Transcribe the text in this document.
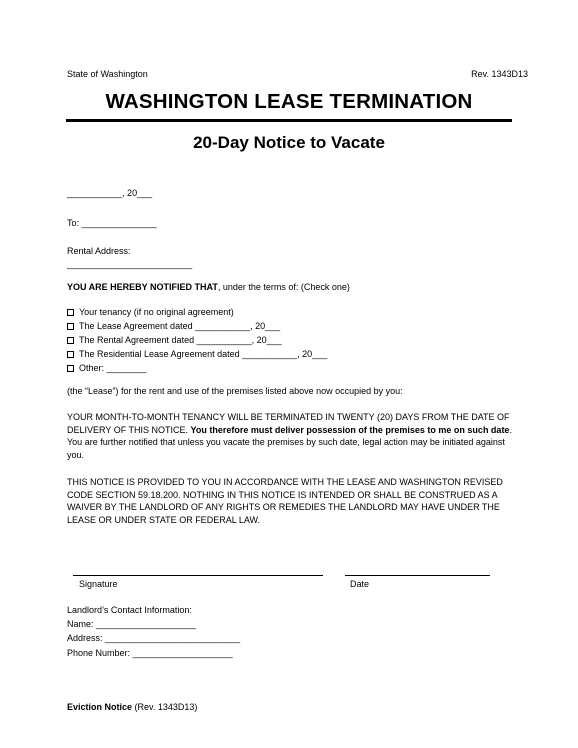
State of Washington	Rev. 1343D13
WASHINGTON LEASE TERMINATION
20-Day Notice to Vacate
___________, 20___
To: _______________
Rental Address:
_________________________
YOU ARE HEREBY NOTIFIED THAT, under the terms of: (Check one)
Your tenancy (if no original agreement)
The Lease Agreement dated ___________, 20___
The Rental Agreement dated ___________, 20___
The Residential Lease Agreement dated ___________, 20___
Other: ________
(the “Lease”) for the rent and use of the premises listed above now occupied by you:
YOUR MONTH-TO-MONTH TENANCY WILL BE TERMINATED IN TWENTY (20) DAYS FROM THE DATE OF DELIVERY OF THIS NOTICE. You therefore must deliver possession of the premises to me on such date. You are further notified that unless you vacate the premises by such date, legal action may be initiated against you.
THIS NOTICE IS PROVIDED TO YOU IN ACCORDANCE WITH THE LEASE AND WASHINGTON REVISED CODE SECTION 59.18.200. NOTHING IN THIS NOTICE IS INTENDED OR SHALL BE CONSTRUED AS A WAIVER BY THE LANDLORD OF ANY RIGHTS OR REMEDIES THE LANDLORD MAY HAVE UNDER THE LEASE OR UNDER STATE OR FEDERAL LAW.
Signature	Date
Landlord’s Contact Information:
Name: ____________________
Address: ___________________________
Phone Number: ____________________
Eviction Notice (Rev. 1343D13)
